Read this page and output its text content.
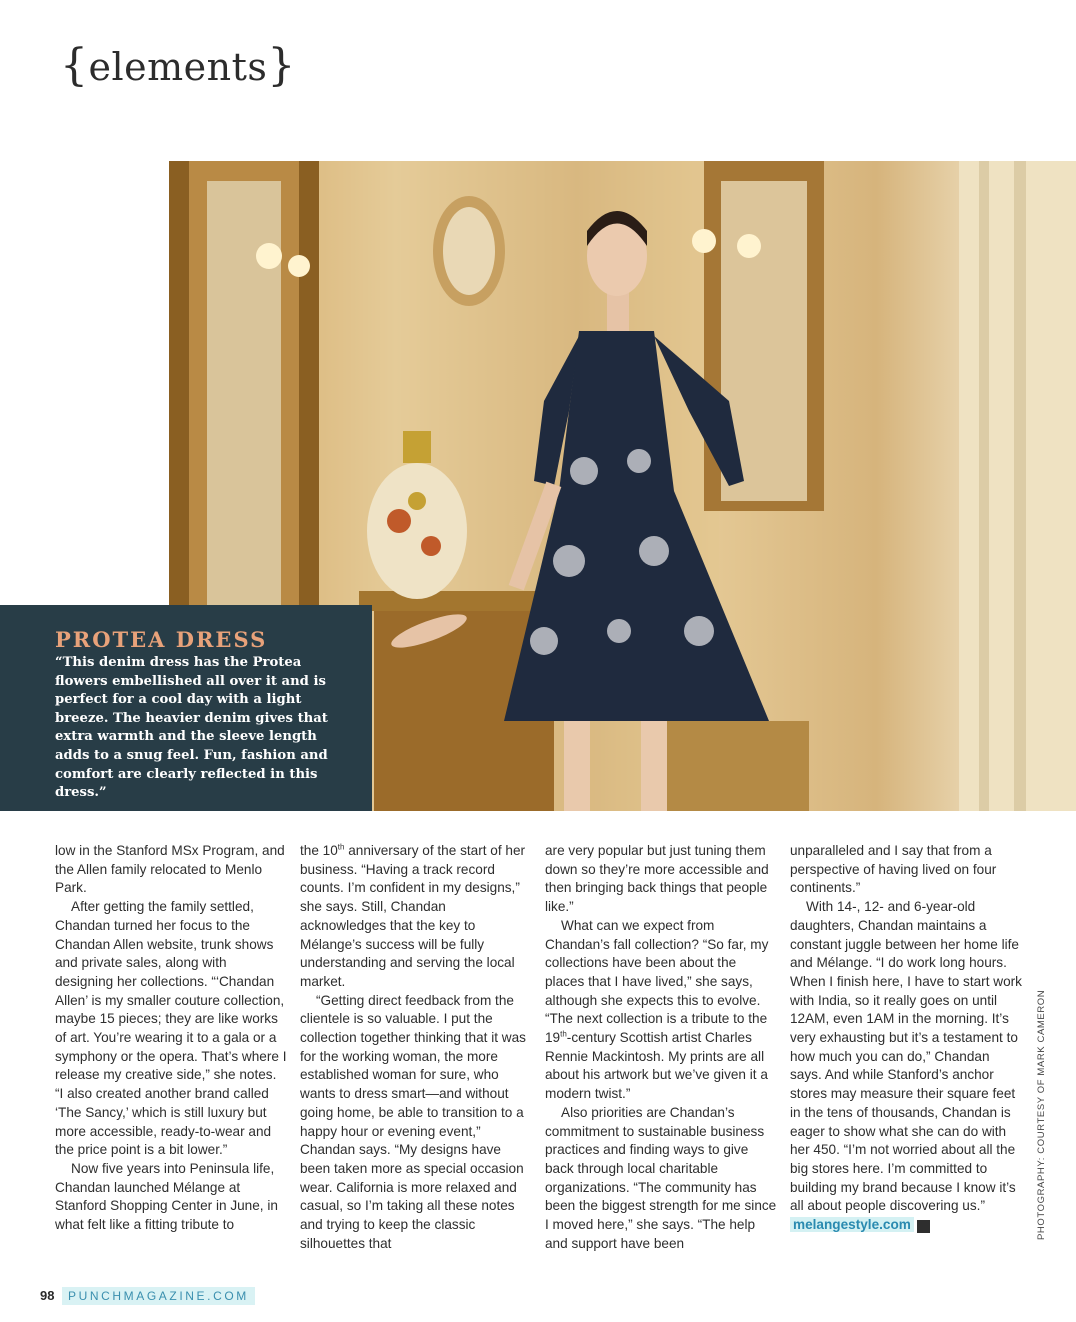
{elements}
PROTEA DRESS
“This denim dress has the Protea flowers embellished all over it and is perfect for a cool day with a light breeze. The heavier denim gives that extra warmth and the sleeve length adds to a snug feel. Fun, fashion and comfort are clearly reflected in this dress.”

low in the Stanford MSx Program, and the Allen family relocated to Menlo Park.

After getting the family settled, Chandan turned her focus to the Chandan Allen website, trunk shows and private sales, along with designing her collections. “‘Chandan Allen’ is my smaller couture collection, maybe 15 pieces; they are like works of art. You’re wearing it to a gala or a symphony or the opera. That’s where I release my creative side,” she notes. “I also created another brand called ‘The Sancy,’ which is still luxury but more accessible, ready-to-wear and the price point is a bit lower.”

Now five years into Peninsula life, Chandan launched Mélange at Stanford Shopping Center in June, in what felt like a fitting tribute to

the 10th anniversary of the start of her business. “Having a track record counts. I’m confident in my designs,” she says. Still, Chandan acknowledges that the key to Mélange’s success will be fully understanding and serving the local market.

“Getting direct feedback from the clientele is so valuable. I put the collection together thinking that it was for the working woman, the more established woman for sure, who wants to dress smart—and without going home, be able to transition to a happy hour or evening event,” Chandan says. “My designs have been taken more as special occasion wear. California is more relaxed and casual, so I’m taking all these notes and trying to keep the classic silhouettes that

are very popular but just tuning them down so they’re more accessible and then bringing back things that people like.”

What can we expect from Chandan’s fall collection? “So far, my collections have been about the places that I have lived,” she says, although she expects this to evolve. “The next collection is a tribute to the 19th-century Scottish artist Charles Rennie Mackintosh. My prints are all about his artwork but we’ve given it a modern twist.”

Also priorities are Chandan’s commitment to sustainable business practices and finding ways to give back through local charitable organizations. “The community has been the biggest strength for me since I moved here,” she says. “The help and support have been

unparalleled and I say that from a perspective of having lived on four continents.”

With 14-, 12- and 6-year-old daughters, Chandan maintains a constant juggle between her home life and Mélange. “I do work long hours. When I finish here, I have to start work with India, so it really goes on until 12AM, even 1AM in the morning. It’s very exhausting but it’s a testament to how much you can do,” Chandan says. And while Stanford’s anchor stores may measure their square feet in the tens of thousands, Chandan is eager to show what she can do with her 450. “I’m not worried about all the big stores here. I’m committed to building my brand because I know it’s all about people discovering us.” melangestyle.com P	PHOTOGRAPHY: COURTESY OF MARK CAMERON
98	PUNCHMAGAZINE.COM
